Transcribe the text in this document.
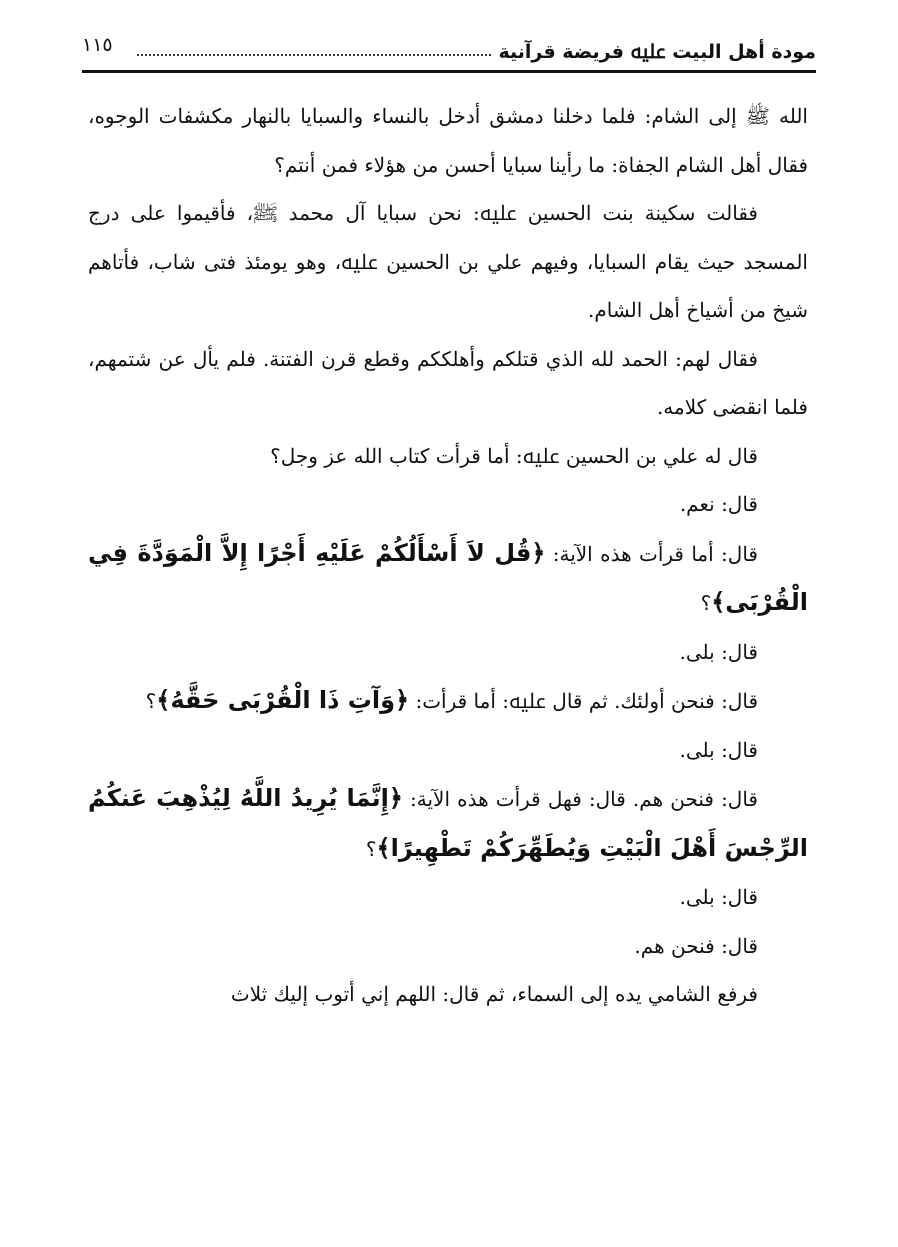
مودة أهل البيت ﷷ فريضة قرآنية
١١٥

الله ﷺ إلى الشام: فلما دخلنا دمشق أدخل بالنساء والسبايا بالنهار مكشفات الوجوه، فقال أهل الشام الجفاة: ما رأينا سبايا أحسن من هؤلاء فمن أنتم؟

فقالت سكينة بنت الحسين ﷷ: نحن سبايا آل محمد ﷺ، فأقيموا على درج المسجد حيث يقام السبايا، وفيهم علي بن الحسين ﷷ، وهو يومئذ فتى شاب، فأتاهم شيخ من أشياخ أهل الشام.

فقال لهم: الحمد لله الذي قتلكم وأهلككم وقطع قرن الفتنة. فلم يأل عن شتمهم، فلما انقضى كلامه.

قال له علي بن الحسين ﷷ: أما قرأت كتاب الله عز وجل؟

قال: نعم.

قال: أما قرأت هذه الآية: ﴿قُل لاَ أَسْأَلُكُمْ عَلَيْهِ أَجْرًا إِلاَّ الْمَوَدَّةَ فِي الْقُرْبَى﴾؟

قال: بلى.

قال: فنحن أولئك. ثم قال ﷷ: أما قرأت: ﴿وَآتِ ذَا الْقُرْبَى حَقَّهُ﴾؟

قال: بلى.

قال: فنحن هم. قال: فهل قرأت هذه الآية: ﴿إِنَّمَا يُرِيدُ اللَّهُ لِيُذْهِبَ عَنكُمُ الرِّجْسَ أَهْلَ الْبَيْتِ وَيُطَهِّرَكُمْ تَطْهِيرًا﴾؟

قال: بلى.

قال: فنحن هم.

فرفع الشامي يده إلى السماء، ثم قال: اللهم إني أتوب إليك ثلاث
